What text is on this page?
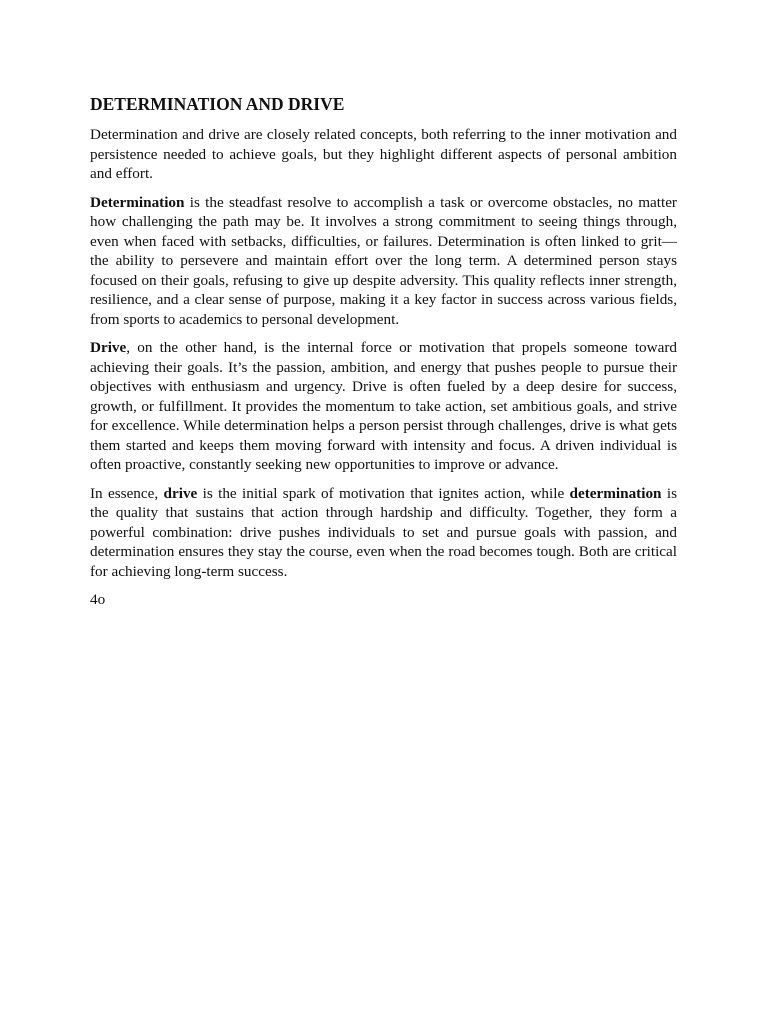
DETERMINATION AND DRIVE

Determination and drive are closely related concepts, both referring to the inner motivation and persistence needed to achieve goals, but they highlight different aspects of personal ambition and effort.

Determination is the steadfast resolve to accomplish a task or overcome obstacles, no matter how challenging the path may be. It involves a strong commitment to seeing things through, even when faced with setbacks, difficulties, or failures. Determination is often linked to grit—the ability to persevere and maintain effort over the long term. A determined person stays focused on their goals, refusing to give up despite adversity. This quality reflects inner strength, resilience, and a clear sense of purpose, making it a key factor in success across various fields, from sports to academics to personal development.

Drive, on the other hand, is the internal force or motivation that propels someone toward achieving their goals. It’s the passion, ambition, and energy that pushes people to pursue their objectives with enthusiasm and urgency. Drive is often fueled by a deep desire for success, growth, or fulfillment. It provides the momentum to take action, set ambitious goals, and strive for excellence. While determination helps a person persist through challenges, drive is what gets them started and keeps them moving forward with intensity and focus. A driven individual is often proactive, constantly seeking new opportunities to improve or advance.

In essence, drive is the initial spark of motivation that ignites action, while determination is the quality that sustains that action through hardship and difficulty. Together, they form a powerful combination: drive pushes individuals to set and pursue goals with passion, and determination ensures they stay the course, even when the road becomes tough. Both are critical for achieving long-term success.

4o
